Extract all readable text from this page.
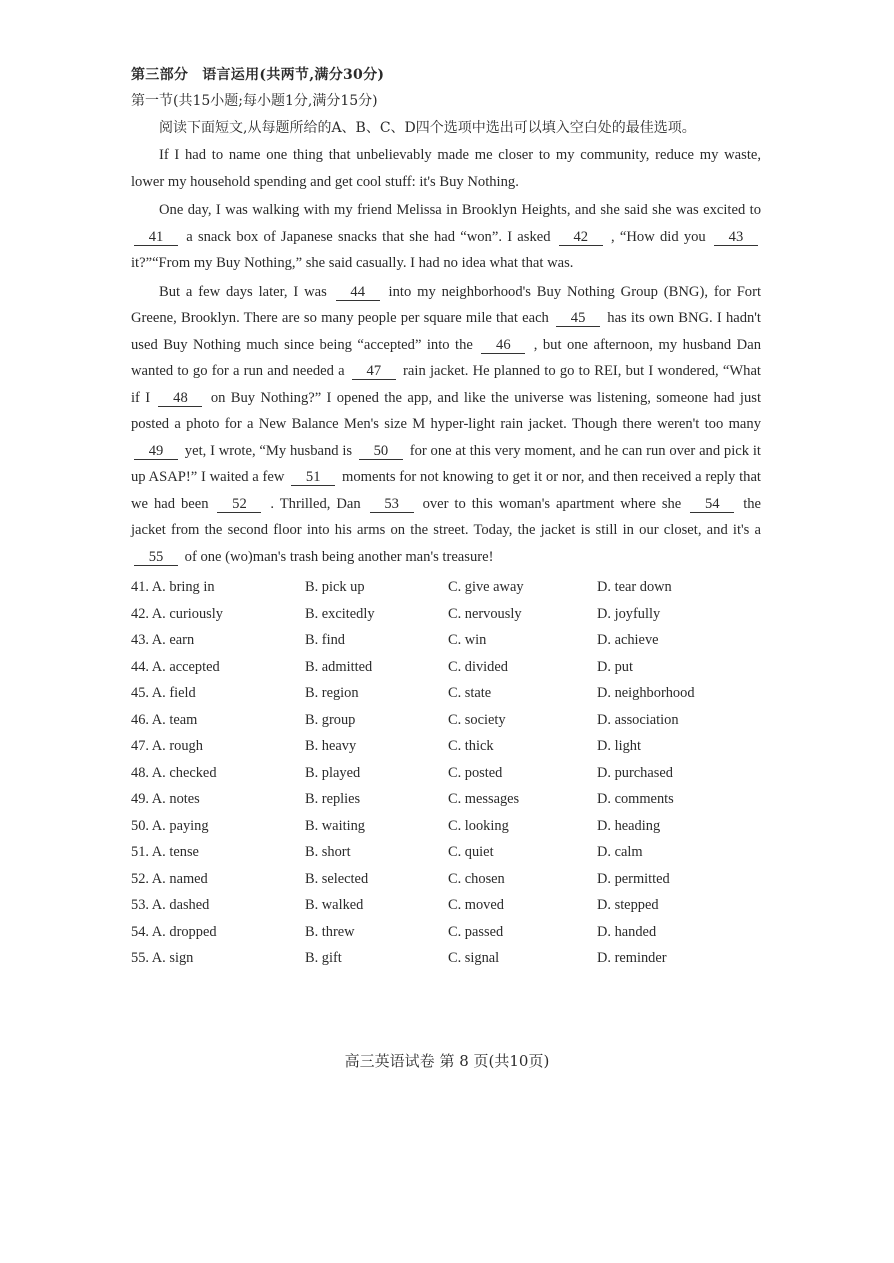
第三部分 语言运用(共两节,满分30分)
第一节(共15小题;每小题1分,满分15分)
阅读下面短文,从每题所给的A、B、C、D四个选项中选出可以填入空白处的最佳选项。

If I had to name one thing that unbelievably made me closer to my community, reduce my waste, lower my household spending and get cool stuff: it's Buy Nothing.

One day, I was walking with my friend Melissa in Brooklyn Heights, and she said she was excited to 41 a snack box of Japanese snacks that she had “won”. I asked 42 , “How did you 43 it?”“From my Buy Nothing,” she said casually. I had no idea what that was.

But a few days later, I was 44 into my neighborhood's Buy Nothing Group (BNG), for Fort Greene, Brooklyn. There are so many people per square mile that each 45 has its own BNG. I hadn't used Buy Nothing much since being “accepted” into the 46 , but one afternoon, my husband Dan wanted to go for a run and needed a 47 rain jacket. He planned to go to REI, but I wondered, “What if I 48 on Buy Nothing?” I opened the app, and like the universe was listening, someone had just posted a photo for a New Balance Men's size M hyper-light rain jacket. Though there weren't too many 49 yet, I wrote, “My husband is 50 for one at this very moment, and he can run over and pick it up ASAP!” I waited a few 51 moments for not knowing to get it or nor, and then received a reply that we had been 52 . Thrilled, Dan 53 over to this woman's apartment where she 54 the jacket from the second floor into his arms on the street. Today, the jacket is still in our closet, and it's a 55 of one (wo)man's trash being another man's treasure!

41. A. bring in	B. pick up	C. give away	D. tear down
42. A. curiously	B. excitedly	C. nervously	D. joyfully
43. A. earn	B. find	C. win	D. achieve
44. A. accepted	B. admitted	C. divided	D. put
45. A. field	B. region	C. state	D. neighborhood
46. A. team	B. group	C. society	D. association
47. A. rough	B. heavy	C. thick	D. light
48. A. checked	B. played	C. posted	D. purchased
49. A. notes	B. replies	C. messages	D. comments
50. A. paying	B. waiting	C. looking	D. heading
51. A. tense	B. short	C. quiet	D. calm
52. A. named	B. selected	C. chosen	D. permitted
53. A. dashed	B. walked	C. moved	D. stepped
54. A. dropped	B. threw	C. passed	D. handed
55. A. sign	B. gift	C. signal	D. reminder
高三英语试卷 第 8 页(共10页)
